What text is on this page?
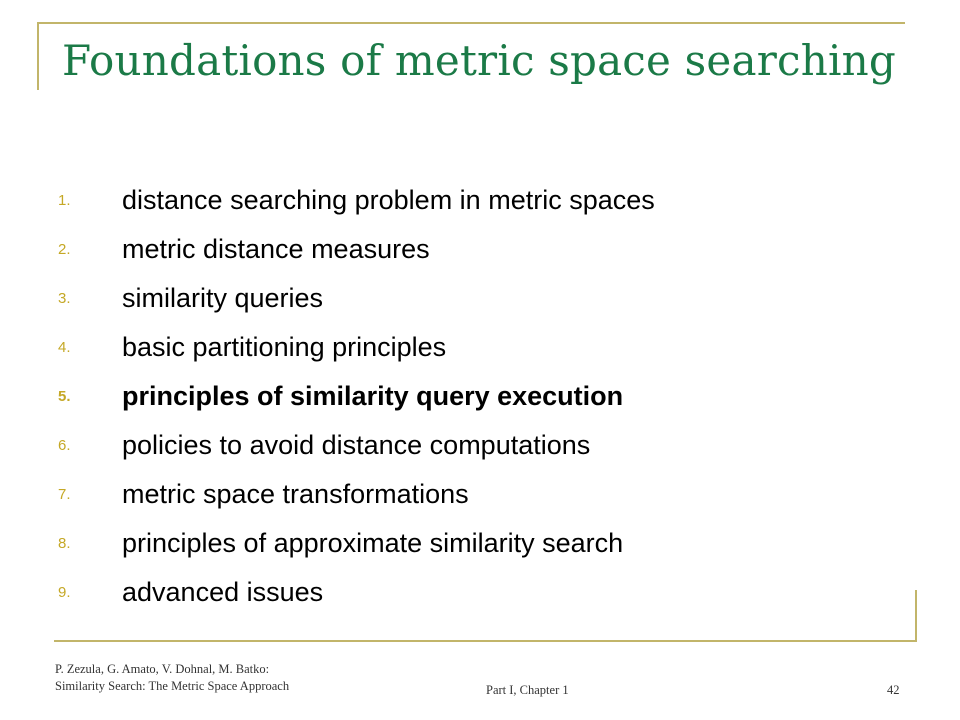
Foundations of metric space searching
1. distance searching problem in metric spaces
2. metric distance measures
3. similarity queries
4. basic partitioning principles
5. principles of similarity query execution
6. policies to avoid distance computations
7. metric space transformations
8. principles of approximate similarity search
9. advanced issues
P. Zezula, G. Amato, V. Dohnal, M. Batko:
Similarity Search: The Metric Space Approach	Part I, Chapter 1	42
